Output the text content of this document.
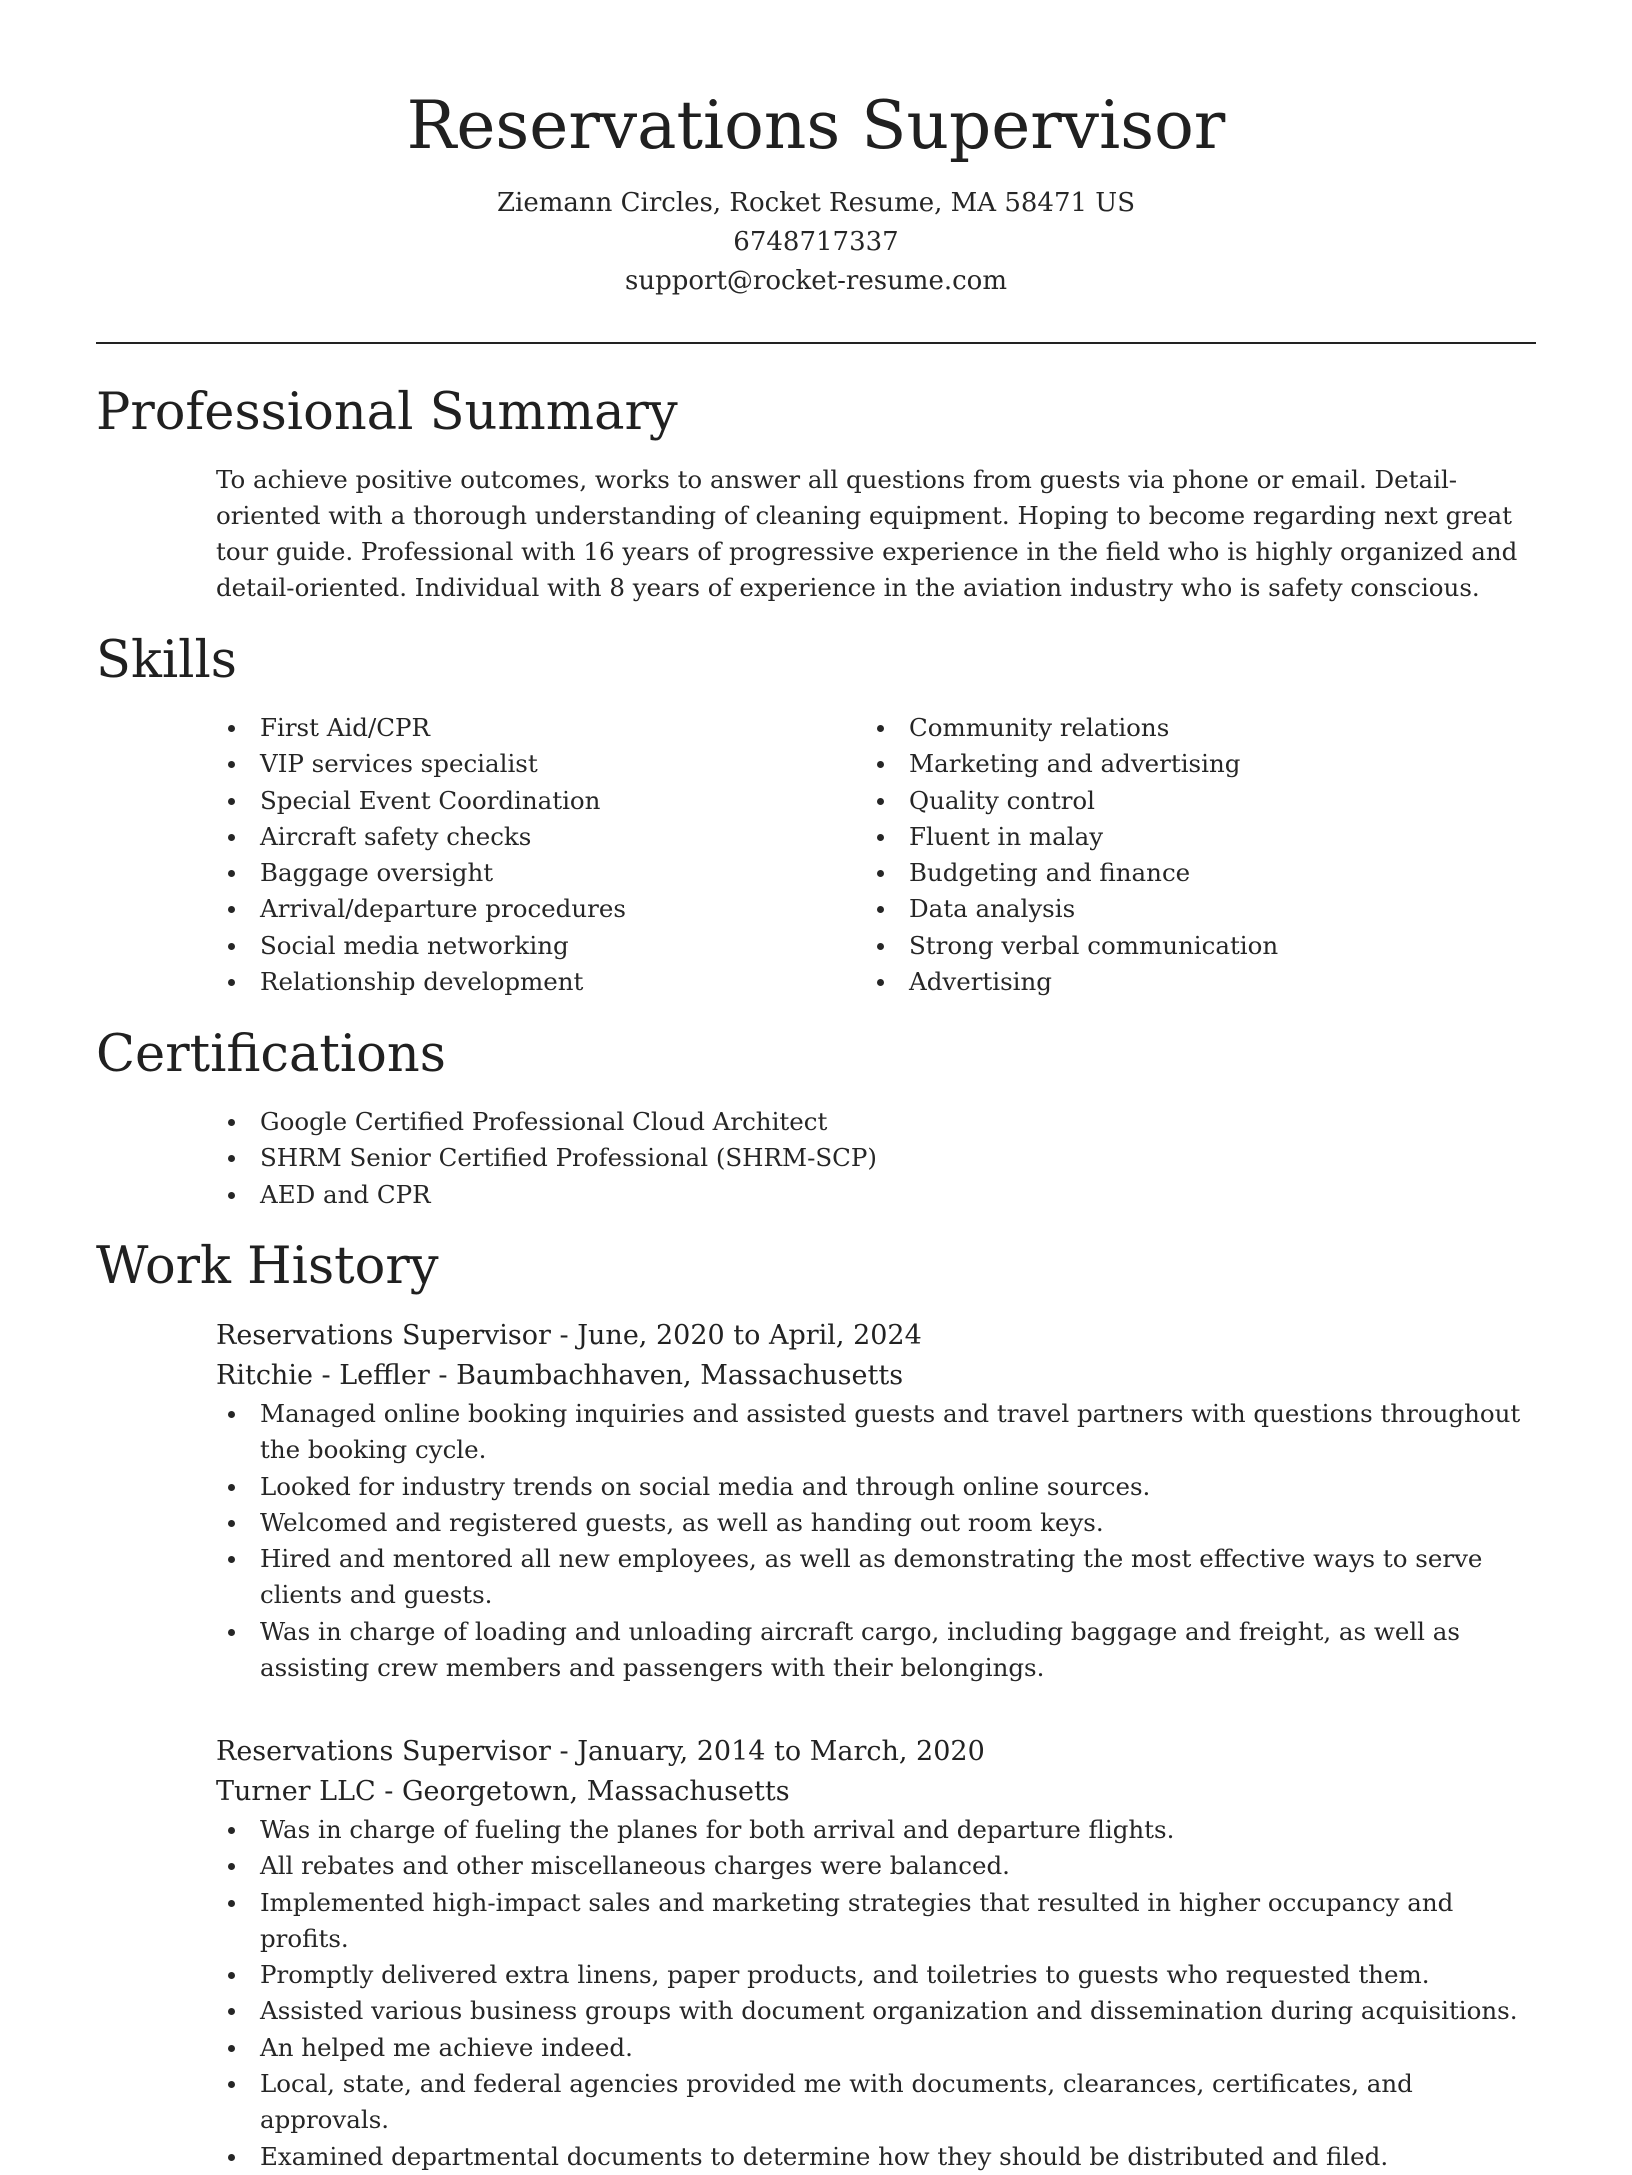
Reservations Supervisor
Ziemann Circles, Rocket Resume, MA 58471 US
6748717337
support@rocket-resume.com
Professional Summary

To achieve positive outcomes, works to answer all questions from guests via phone or email. Detail-oriented with a thorough understanding of cleaning equipment. Hoping to become regarding next great tour guide. Professional with 16 years of progressive experience in the field who is highly organized and detail-oriented. Individual with 8 years of experience in the aviation industry who is safety conscious.

Skills
First Aid/CPR
VIP services specialist
Special Event Coordination
Aircraft safety checks
Baggage oversight
Arrival/departure procedures
Social media networking
Relationship development
Community relations
Marketing and advertising
Quality control
Fluent in malay
Budgeting and finance
Data analysis
Strong verbal communication
Advertising
Certifications
Google Certified Professional Cloud Architect
SHRM Senior Certified Professional (SHRM-SCP)
AED and CPR
Work History
Reservations Supervisor - June, 2020 to April, 2024
Ritchie - Leffler - Baumbachhaven, Massachusetts
Managed online booking inquiries and assisted guests and travel partners with questions throughout the booking cycle.
Looked for industry trends on social media and through online sources.
Welcomed and registered guests, as well as handing out room keys.
Hired and mentored all new employees, as well as demonstrating the most effective ways to serve clients and guests.
Was in charge of loading and unloading aircraft cargo, including baggage and freight, as well as assisting crew members and passengers with their belongings.
Reservations Supervisor - January, 2014 to March, 2020
Turner LLC - Georgetown, Massachusetts
Was in charge of fueling the planes for both arrival and departure flights.
All rebates and other miscellaneous charges were balanced.
Implemented high-impact sales and marketing strategies that resulted in higher occupancy and profits.
Promptly delivered extra linens, paper products, and toiletries to guests who requested them.
Assisted various business groups with document organization and dissemination during acquisitions.
An helped me achieve indeed.
Local, state, and federal agencies provided me with documents, clearances, certificates, and approvals.
Examined departmental documents to determine how they should be distributed and filed.
